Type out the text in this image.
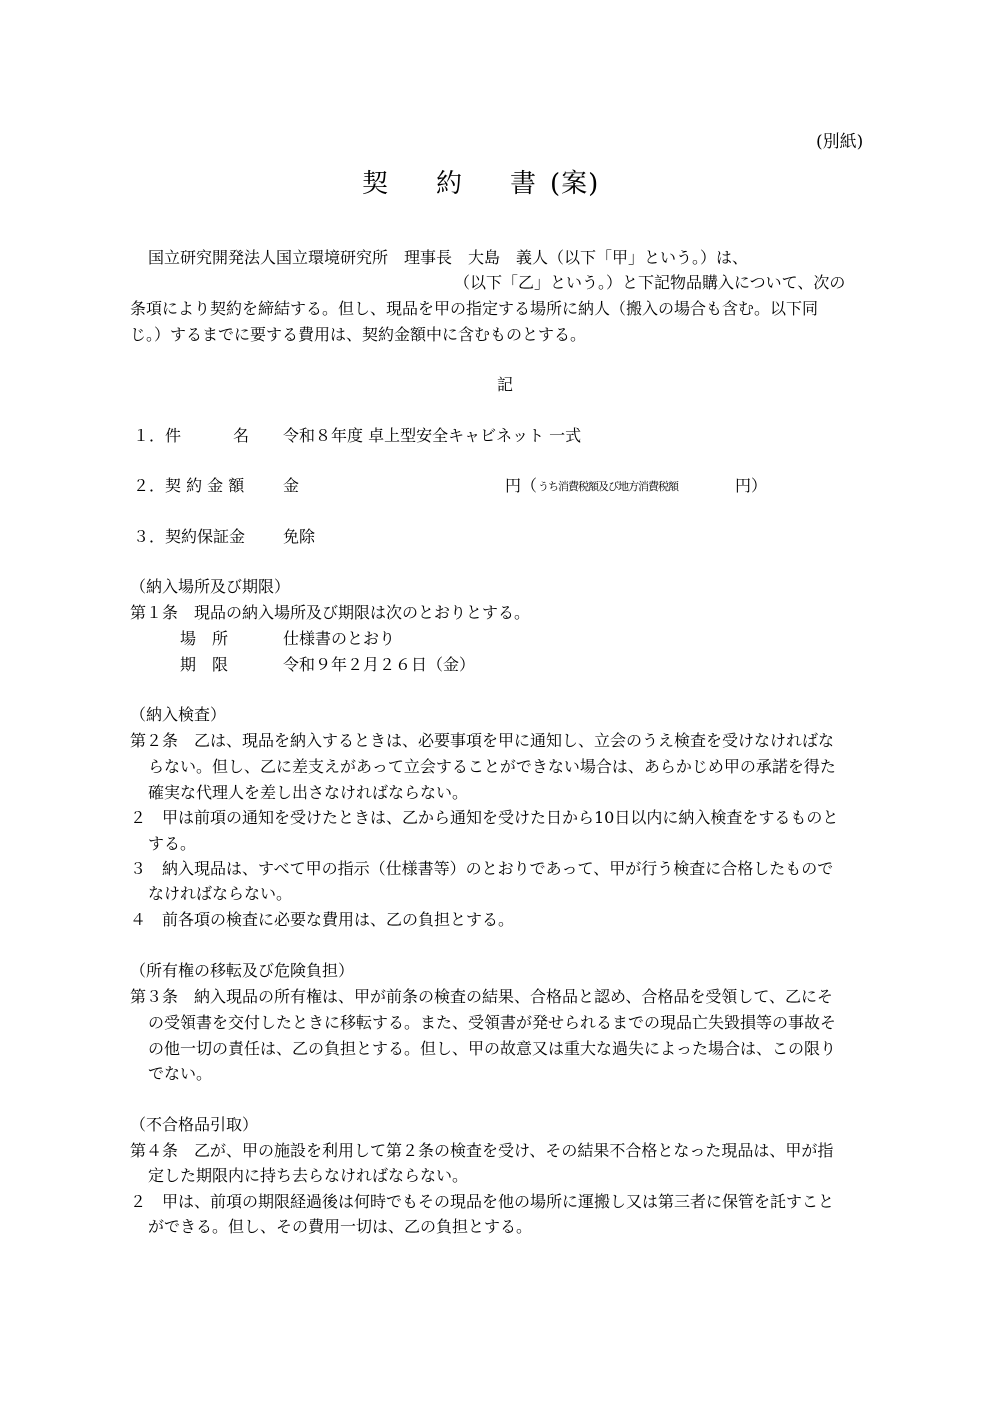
(別紙)
契 約 書 (案)
国立研究開発法人国立環境研究所　理事長　大島　義人（以下「甲」という。）は、
（以下「乙」という。）と下記物品購入について、次の
条項により契約を締結する。但し、現品を甲の指定する場所に納人（搬入の場合も含む。以下同
じ。）するまでに要する費用は、契約金額中に含むものとする。
記
１．件	名 令和８年度 卓上型安全キャビネット 一式
２．契 約 金 額 金	円（ うち消費税額及び地方消費税額	円）
３．契約保証金 免除
（納入場所及び期限）
第１条　現品の納入場所及び期限は次のとおりとする。
場　所	仕様書のとおり
期　限	令和９年２月２６日（金）
（納入検査）
第２条　乙は、現品を納入するときは、必要事項を甲に通知し、立会のうえ検査を受けなければな
らない。但し、乙に差支えがあって立会することができない場合は、あらかじめ甲の承諾を得た
確実な代理人を差し出さなければならない。
２　甲は前項の通知を受けたときは、乙から通知を受けた日から10日以内に納入検査をするものと
する。
３　納入現品は、すべて甲の指示（仕様書等）のとおりであって、甲が行う検査に合格したもので
なければならない。
４　前各項の検査に必要な費用は、乙の負担とする。
（所有権の移転及び危険負担）
第３条　納入現品の所有権は、甲が前条の検査の結果、合格品と認め、合格品を受領して、乙にそ
の受領書を交付したときに移転する。また、受領書が発せられるまでの現品亡失毀損等の事故そ
の他一切の責任は、乙の負担とする。但し、甲の故意又は重大な過失によった場合は、この限り
でない。
（不合格品引取）
第４条　乙が、甲の施設を利用して第２条の検査を受け、その結果不合格となった現品は、甲が指
定した期限内に持ち去らなければならない。
２　甲は、前項の期限経過後は何時でもその現品を他の場所に運搬し又は第三者に保管を託すこと
ができる。但し、その費用一切は、乙の負担とする。
